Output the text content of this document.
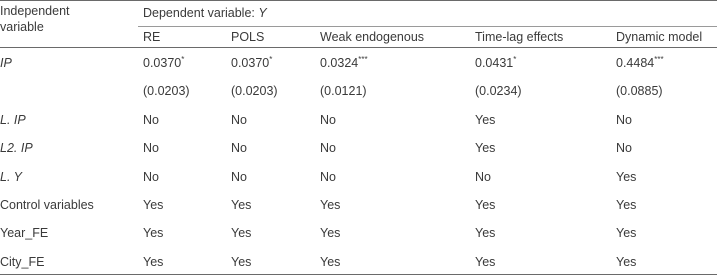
Independent
variable
Dependent variable: Y
RE	POLS	Weak endogenous	Time-lag effects	Dynamic model
IP	0.0370*	0.0370*	0.0324***	0.0431*	0.4484***
(0.0203)	(0.0203)	(0.0121)	(0.0234)	(0.0885)
L. IP	No	No	No	Yes	No
L2. IP	No	No	No	Yes	No
L. Y	No	No	No	No	Yes
Control variables	Yes	Yes	Yes	Yes	Yes
Year_FE	Yes	Yes	Yes	Yes	Yes
City_FE	Yes	Yes	Yes	Yes	Yes
